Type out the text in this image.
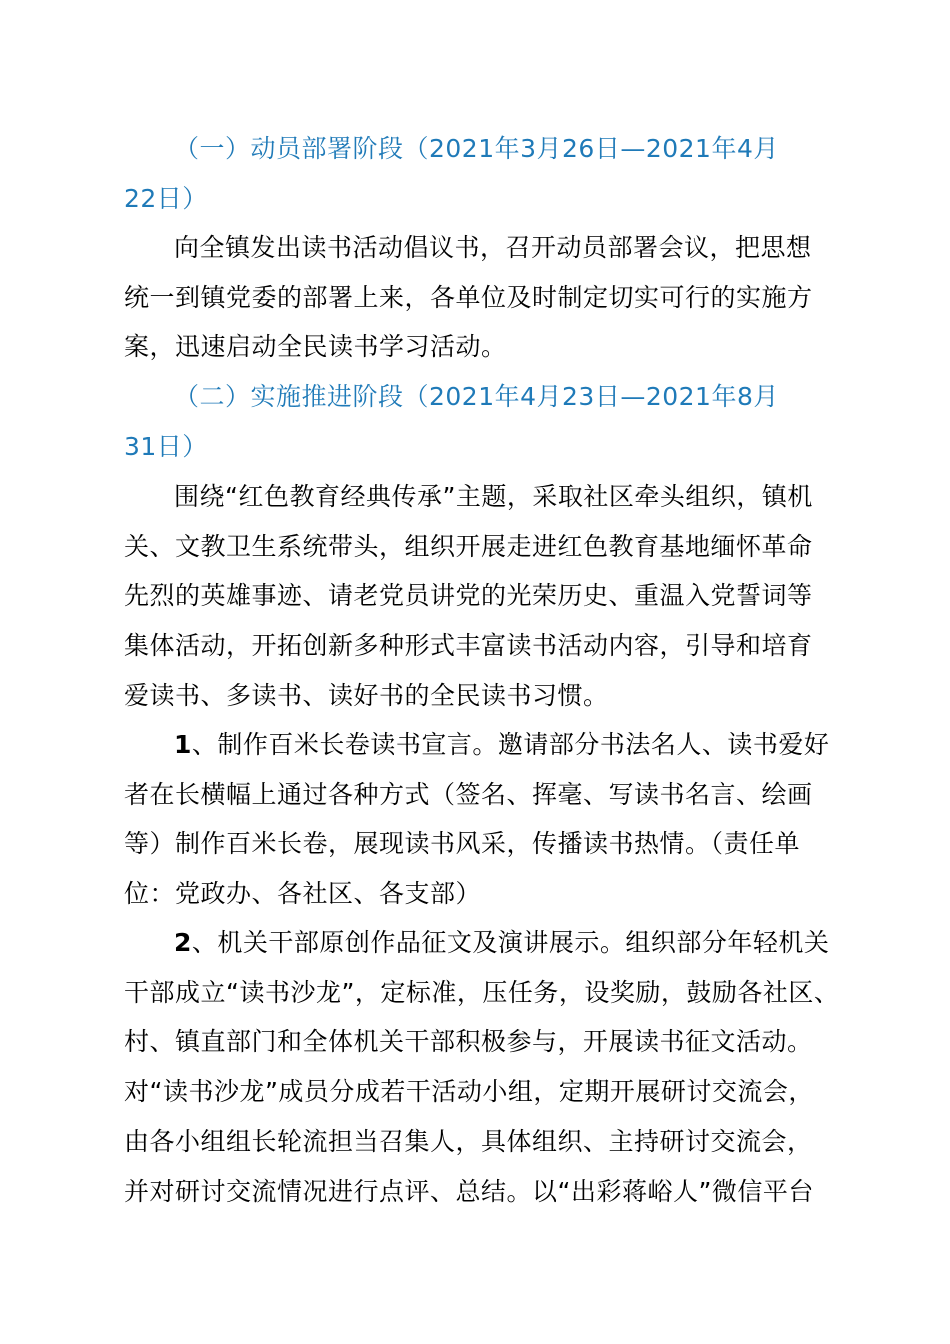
（一）动员部署阶段（2021年3月26日—2021年4月
22日）
向全镇发出读书活动倡议书，召开动员部署会议，把思想
统一到镇党委的部署上来，各单位及时制定切实可行的实施方
案，迅速启动全民读书学习活动。
（二）实施推进阶段（2021年4月23日—2021年8月
31日）
围绕“红色教育经典传承”主题，采取社区牵头组织，镇机
关、文教卫生系统带头，组织开展走进红色教育基地缅怀革命
先烈的英雄事迹、请老党员讲党的光荣历史、重温入党誓词等
集体活动，开拓创新多种形式丰富读书活动内容，引导和培育
爱读书、多读书、读好书的全民读书习惯。
1、制作百米长卷读书宣言。邀请部分书法名人、读书爱好
者在长横幅上通过各种方式（签名、挥毫、写读书名言、绘画
等）制作百米长卷，展现读书风采，传播读书热情。（责任单
位：党政办、各社区、各支部）
2、机关干部原创作品征文及演讲展示。组织部分年轻机关
干部成立“读书沙龙”，定标准，压任务，设奖励，鼓励各社区、
村、镇直部门和全体机关干部积极参与，开展读书征文活动。
对“读书沙龙”成员分成若干活动小组，定期开展研讨交流会，
由各小组组长轮流担当召集人，具体组织、主持研讨交流会，
并对研讨交流情况进行点评、总结。以“出彩蒋峪人”微信平台
